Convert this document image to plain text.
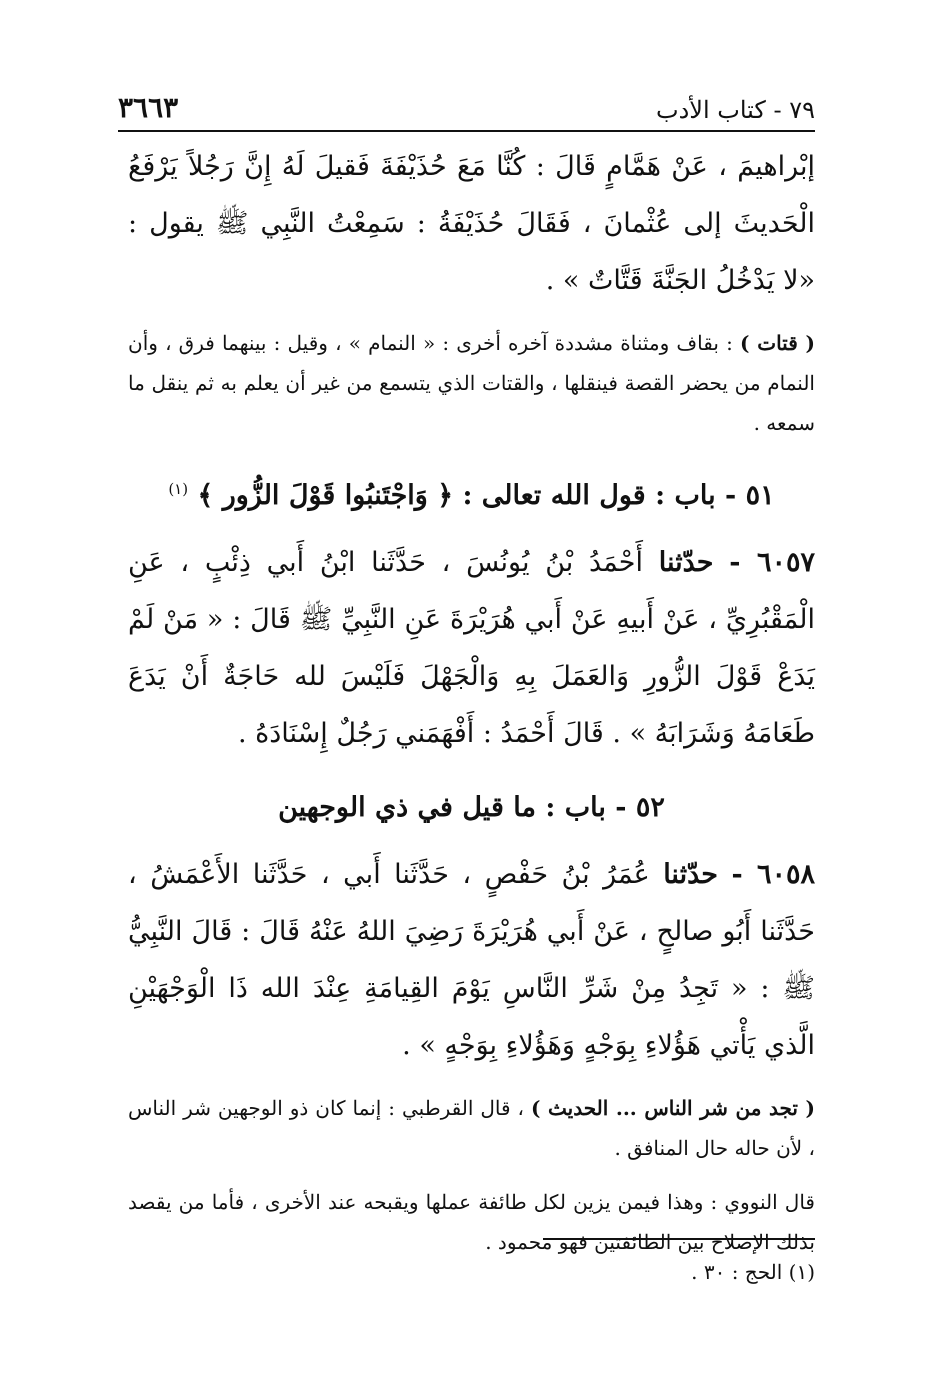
٧٩ - كتاب الأدب
٣٦٦٣

إبْراهيمَ ، عَنْ هَمَّامٍ قَالَ : كُنَّا مَعَ حُذَيْفَةَ فَقيلَ لَهُ إِنَّ رَجُلاً يَرْفَعُ الْحَديثَ إلى عُثْمانَ ، فَقَالَ حُذَيْفَةُ : سَمِعْتُ النَّبِي ﷺ يقول : «لا يَدْخُلُ الجَنَّةَ قَتَّاتٌ » .

( قتات ) : بقاف ومثناة مشددة آخره أخرى : « النمام » ، وقيل : بينهما فرق ، وأن النمام من يحضر القصة فينقلها ، والقتات الذي يتسمع من غير أن يعلم به ثم ينقل ما سمعه .

٥١ - باب : قول الله تعالى : ﴿ وَاجْتَنبُوا قَوْلَ الزُّور ﴾ $^{(١)}$

٦٠٥٧ - حدّثنا أَحْمَدُ بْنُ يُونُسَ ، حَدَّثَنا ابْنُ أَبي ذِئْبٍ ، عَنِ الْمَقْبُرِيِّ ، عَنْ أَبيهِ عَنْ أَبي هُرَيْرَةَ عَنِ النَّبِيِّ ﷺ قَالَ : « مَنْ لَمْ يَدَعْ قَوْلَ الزُّورِ وَالعَمَلَ بِهِ وَالْجَهْلَ فَلَيْسَ لله حَاجَةٌ أَنْ يَدَعَ طَعَامَهُ وَشَرَابَهُ » . قَالَ أَحْمَدُ : أَفْهَمَني رَجُلٌ إِسْنَادَهُ .

٥٢ - باب : ما قيل في ذي الوجهين

٦٠٥٨ - حدّثنا عُمَرُ بْنُ حَفْصٍ ، حَدَّثَنا أَبي ، حَدَّثَنا الأَعْمَشُ ، حَدَّثَنا أَبُو صالحٍ ، عَنْ أَبي هُرَيْرَةَ رَضِيَ اللهُ عَنْهُ قَالَ : قَالَ النَّبِيُّ ﷺ : « تَجِدُ مِنْ شَرِّ النَّاسِ يَوْمَ القِيامَةِ عِنْدَ الله ذَا الْوَجْهَيْنِ الَّذي يَأْتي هَؤُلاءِ بِوَجْهٍ وَهَؤُلاءِ بِوَجْهٍ » .

( تجد من شر الناس ... الحديث ) ، قال القرطبي : إنما كان ذو الوجهين شر الناس ، لأن حاله حال المنافق .

قال النووي : وهذا فيمن يزين لكل طائفة عملها ويقبحه عند الأخرى ، فأما من يقصد بذلك الإصلاح بين الطائفتين فهو محمود .

(١) الحج : ٣٠ .
